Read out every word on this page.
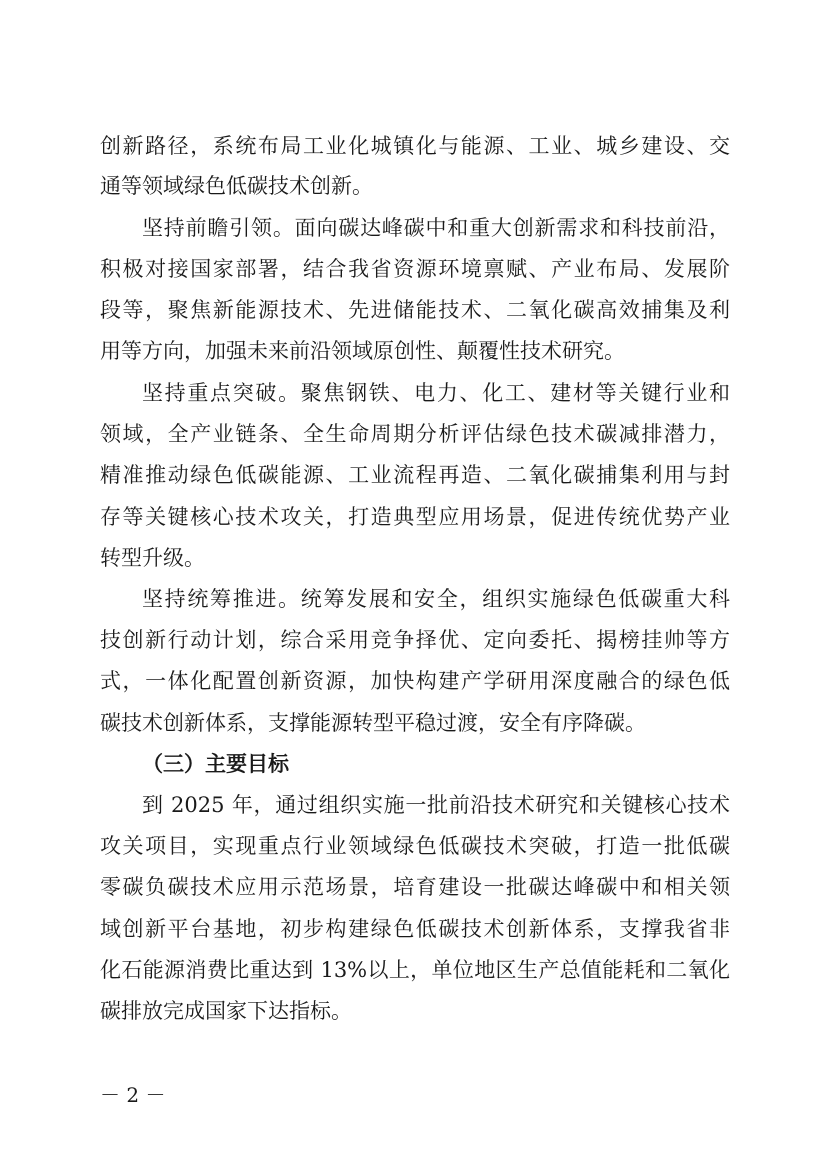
创新路径，系统布局工业化城镇化与能源、工业、城乡建设、交
通等领域绿色低碳技术创新。
坚持前瞻引领。面向碳达峰碳中和重大创新需求和科技前沿，
积极对接国家部署，结合我省资源环境禀赋、产业布局、发展阶
段等，聚焦新能源技术、先进储能技术、二氧化碳高效捕集及利
用等方向，加强未来前沿领域原创性、颠覆性技术研究。
坚持重点突破。聚焦钢铁、电力、化工、建材等关键行业和
领域，全产业链条、全生命周期分析评估绿色技术碳减排潜力，
精准推动绿色低碳能源、工业流程再造、二氧化碳捕集利用与封
存等关键核心技术攻关，打造典型应用场景，促进传统优势产业
转型升级。
坚持统筹推进。统筹发展和安全，组织实施绿色低碳重大科
技创新行动计划，综合采用竞争择优、定向委托、揭榜挂帅等方
式，一体化配置创新资源，加快构建产学研用深度融合的绿色低
碳技术创新体系，支撑能源转型平稳过渡，安全有序降碳。
（三）主要目标
到 2025 年，通过组织实施一批前沿技术研究和关键核心技术
攻关项目，实现重点行业领域绿色低碳技术突破，打造一批低碳
零碳负碳技术应用示范场景，培育建设一批碳达峰碳中和相关领
域创新平台基地，初步构建绿色低碳技术创新体系，支撑我省非
化石能源消费比重达到 13%以上，单位地区生产总值能耗和二氧化
碳排放完成国家下达指标。
－ 2 －
